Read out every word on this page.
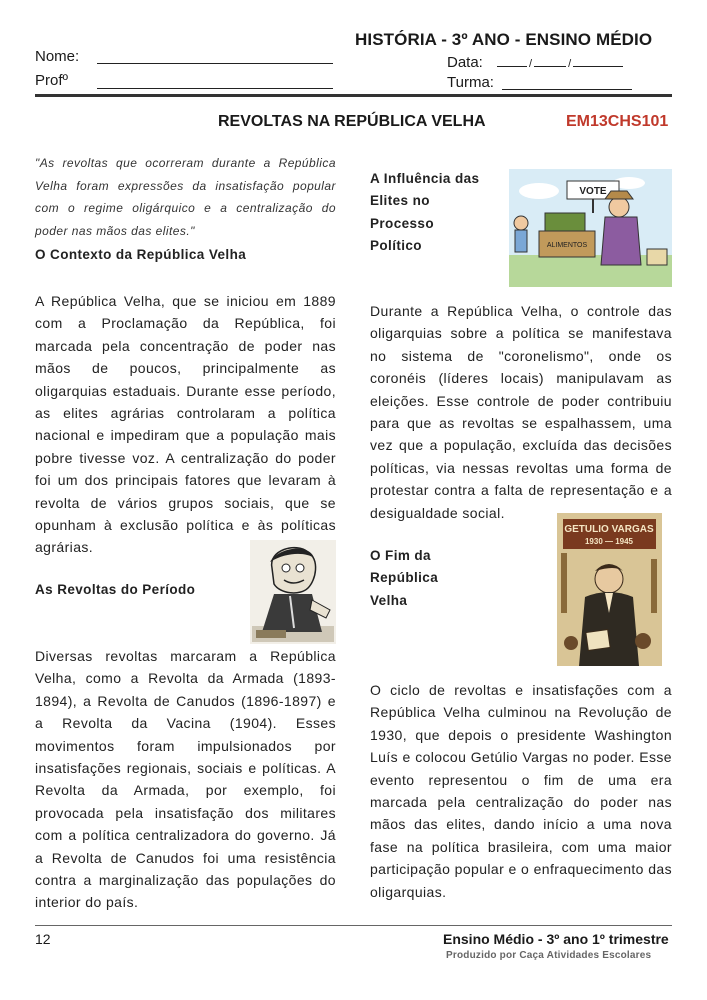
HISTÓRIA - 3º ANO - ENSINO MÉDIO
Nome:
Profº
Data:	/	/
Turma:
REVOLTAS NA REPÚBLICA VELHA	EM13CHS101

"As revoltas que ocorreram durante a República Velha foram expressões da insatisfação popular com o regime oligárquico e a centralização do poder nas mãos das elites."

O Contexto da República Velha

A República Velha, que se iniciou em 1889 com a Proclamação da República, foi marcada pela concentração de poder nas mãos de poucos, principalmente as oligarquias estaduais. Durante esse período, as elites agrárias controlaram a política nacional e impediram que a população mais pobre tivesse voz. A centralização do poder foi um dos principais fatores que levaram à revolta de vários grupos sociais, que se opunham à exclusão política e às políticas agrárias.

As Revoltas do Período

Diversas revoltas marcaram a República Velha, como a Revolta da Armada (1893-1894), a Revolta de Canudos (1896-1897) e a Revolta da Vacina (1904). Esses movimentos foram impulsionados por insatisfações regionais, sociais e políticas. A Revolta da Armada, por exemplo, foi provocada pela insatisfação dos militares com a política centralizadora do governo. Já a Revolta de Canudos foi uma resistência contra a marginalização das populações do interior do país.

A Influência das Elites no Processo Político
VOTE
ALIMENTOS

Durante a República Velha, o controle das oligarquias sobre a política se manifestava no sistema de "coronelismo", onde os coronéis (líderes locais) manipulavam as eleições. Esse controle de poder contribuiu para que as revoltas se espalhassem, uma vez que a população, excluída das decisões políticas, via nessas revoltas uma forma de protestar contra a falta de representação e a desigualdade social.

O Fim da República Velha
GETULIO VARGAS
1930 — 1945

O ciclo de revoltas e insatisfações com a República Velha culminou na Revolução de 1930, que depois o presidente Washington Luís e colocou Getúlio Vargas no poder. Esse evento representou o fim de uma era marcada pela centralização do poder nas mãos das elites, dando início a uma nova fase na política brasileira, com uma maior participação popular e o enfraquecimento das oligarquias.

12	Ensino Médio - 3º ano 1º trimestre
Produzido por Caça Atividades Escolares
